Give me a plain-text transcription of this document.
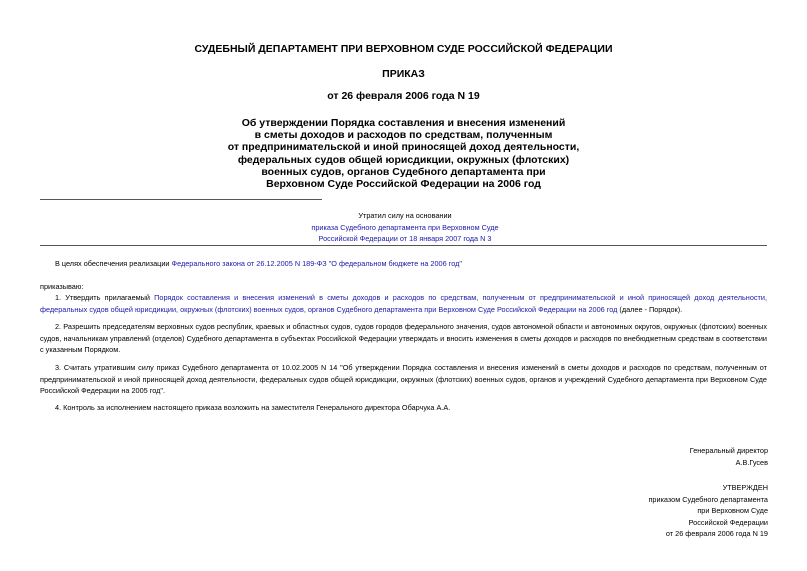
СУДЕБНЫЙ ДЕПАРТАМЕНТ ПРИ ВЕРХОВНОМ СУДЕ РОССИЙСКОЙ ФЕДЕРАЦИИ
ПРИКАЗ
от 26 февраля 2006 года N 19
Об утверждении Порядка составления и внесения изменений
в сметы доходов и расходов по средствам, полученным
от предпринимательской и иной приносящей доход деятельности,
федеральных судов общей юрисдикции, окружных (флотских)
военных судов, органов Судебного департамента при
Верховном Суде Российской Федерации на 2006 год
Утратил силу на основании
приказа Судебного департамента при Верховном Суде
Российской Федерации от 18 января 2007 года N 3
В целях обеспечения реализации Федерального закона от 26.12.2005 N 189-ФЗ "О федеральном бюджете на 2006 год"
приказываю:
1. Утвердить прилагаемый Порядок составления и внесения изменений в сметы доходов и расходов по средствам, полученным от предпринимательской и иной приносящей доход деятельности, федеральных судов общей юрисдикции, окружных (флотских) военных судов, органов Судебного департамента при Верховном Суде Российской Федерации на 2006 год (далее - Порядок).
2. Разрешить председателям верховных судов республик, краевых и областных судов, судов городов федерального значения, судов автономной области и автономных округов, окружных (флотских) военных судов, начальникам управлений (отделов) Судебного департамента в субъектах Российской Федерации утверждать и вносить изменения в сметы доходов и расходов по внебюджетным средствам в соответствии с указанным Порядком.
3. Считать утратившим силу приказ Судебного департамента от 10.02.2005 N 14 "Об утверждении Порядка составления и внесения изменений в сметы доходов и расходов по средствам, полученным от предпринимательской и иной приносящей доход деятельности, федеральных судов общей юрисдикции, окружных (флотских) военных судов, органов и учреждений Судебного департамента при Верховном Суде Российской Федерации на 2005 год".
4. Контроль за исполнением настоящего приказа возложить на заместителя Генерального директора Обарчука А.А.
Генеральный директор
А.В.Гусев
УТВЕРЖДЕН
приказом Судебного департамента
при Верховном Суде
Российской Федерации
от 26 февраля 2006 года N 19
